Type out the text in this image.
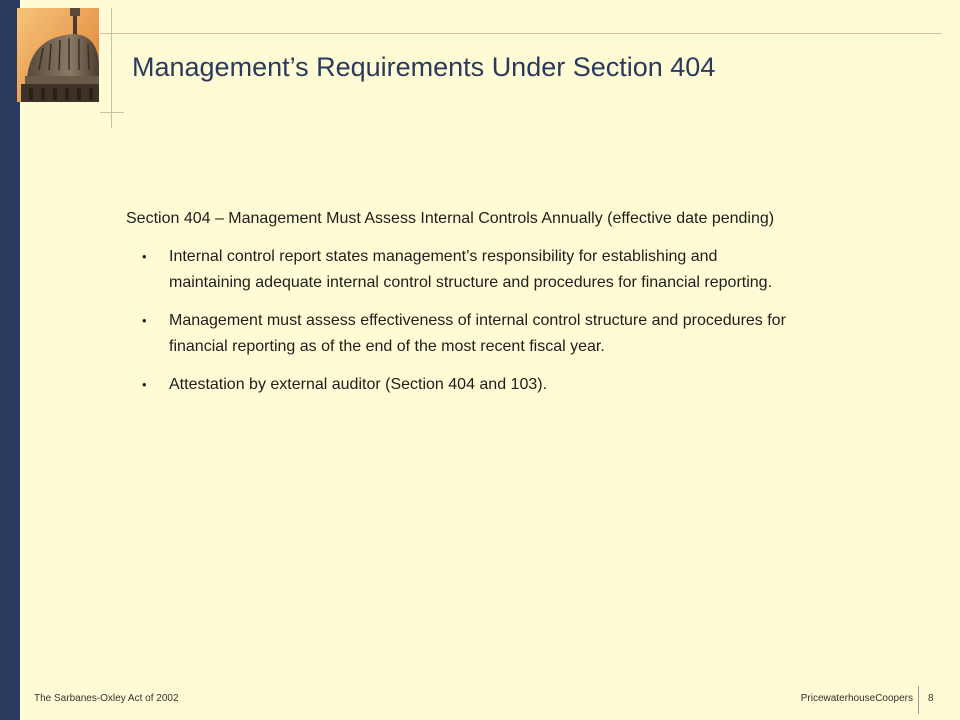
Management’s Requirements Under Section 404

Section 404 – Management Must Assess Internal Controls Annually (effective date pending)

• Internal control report states management’s responsibility for establishing and maintaining adequate internal control structure and procedures for financial reporting.
• Management must assess effectiveness of internal control structure and procedures for financial reporting as of the end of the most recent fiscal year.
• Attestation by external auditor (Section 404 and 103).
The Sarbanes-Oxley Act of 2002	PricewaterhouseCoopers 8
